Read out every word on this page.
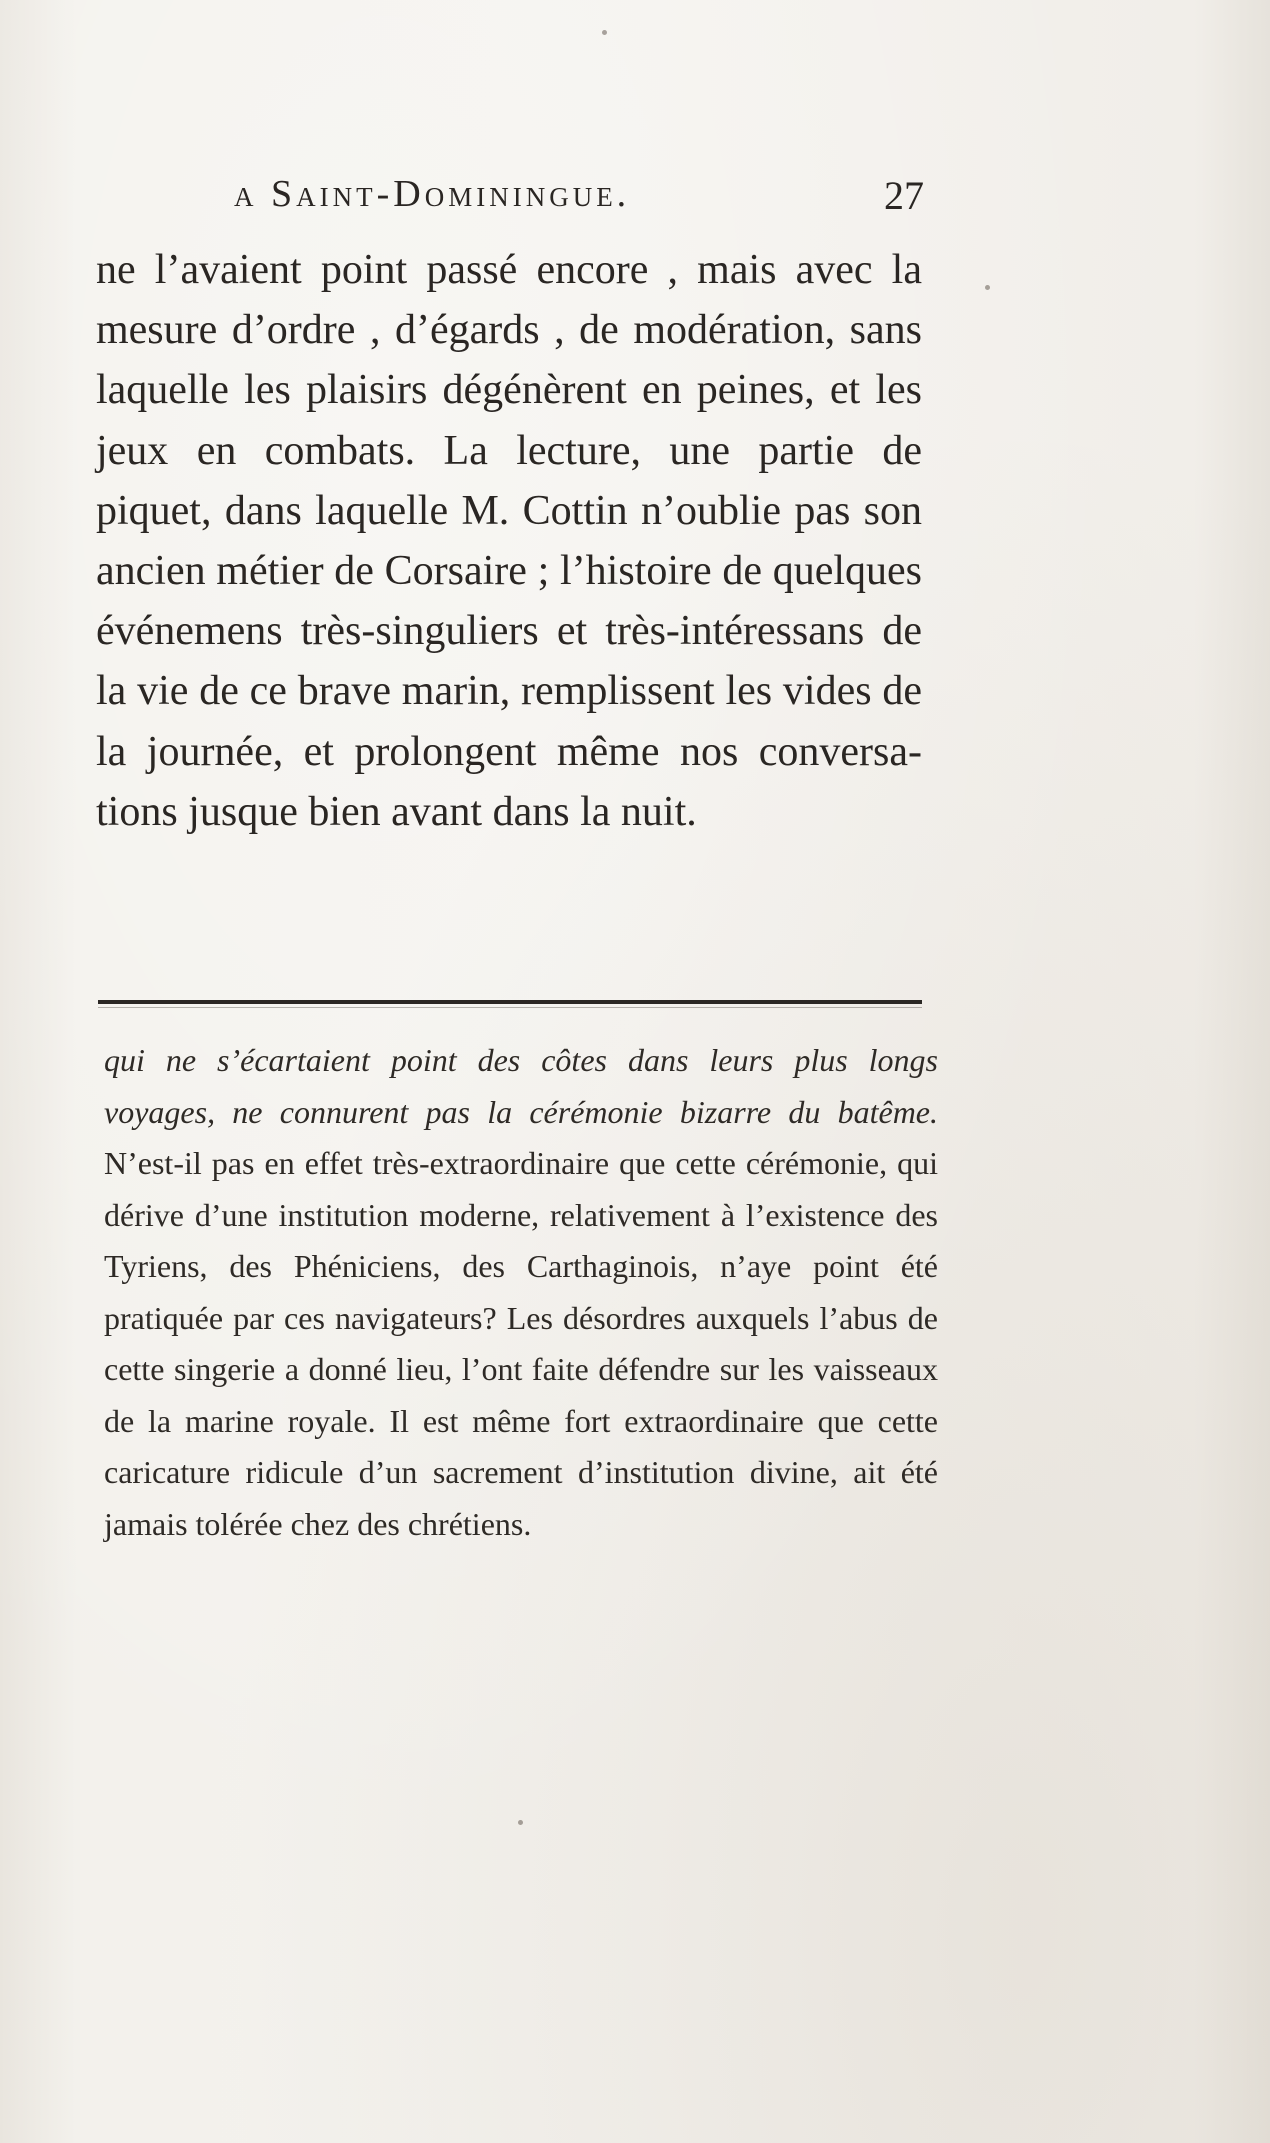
a Saint-Dominingue.	27

ne l’avaient point passé encore , mais avec la mesure d’ordre , d’égards , de modération, sans laquelle les plaisirs dégénèrent en peines, et les jeux en combats. La lecture, une partie de piquet, dans laquelle M. Cottin n’oublie pas son ancien métier de Corsaire ; l’histoire de quelques événemens très-singuliers et très-intéressans de la vie de ce brave marin, remplissent les vides de la journée, et prolongent même nos conversations jusque bien avant dans la nuit.

qui ne s’écartaient point des côtes dans leurs plus longs voyages, ne connurent pas la cérémonie bizarre du batême. N’est-il pas en effet très-extraordinaire que cette cérémonie, qui dérive d’une institution moderne, relativement à l’existence des Tyriens, des Phéniciens, des Carthaginois, n’aye point été pratiquée par ces navigateurs? Les désordres auxquels l’abus de cette singerie a donné lieu, l’ont faite défendre sur les vaisseaux de la marine royale. Il est même fort extraordinaire que cette caricature ridicule d’un sacrement d’institution divine, ait été jamais tolérée chez des chrétiens.
